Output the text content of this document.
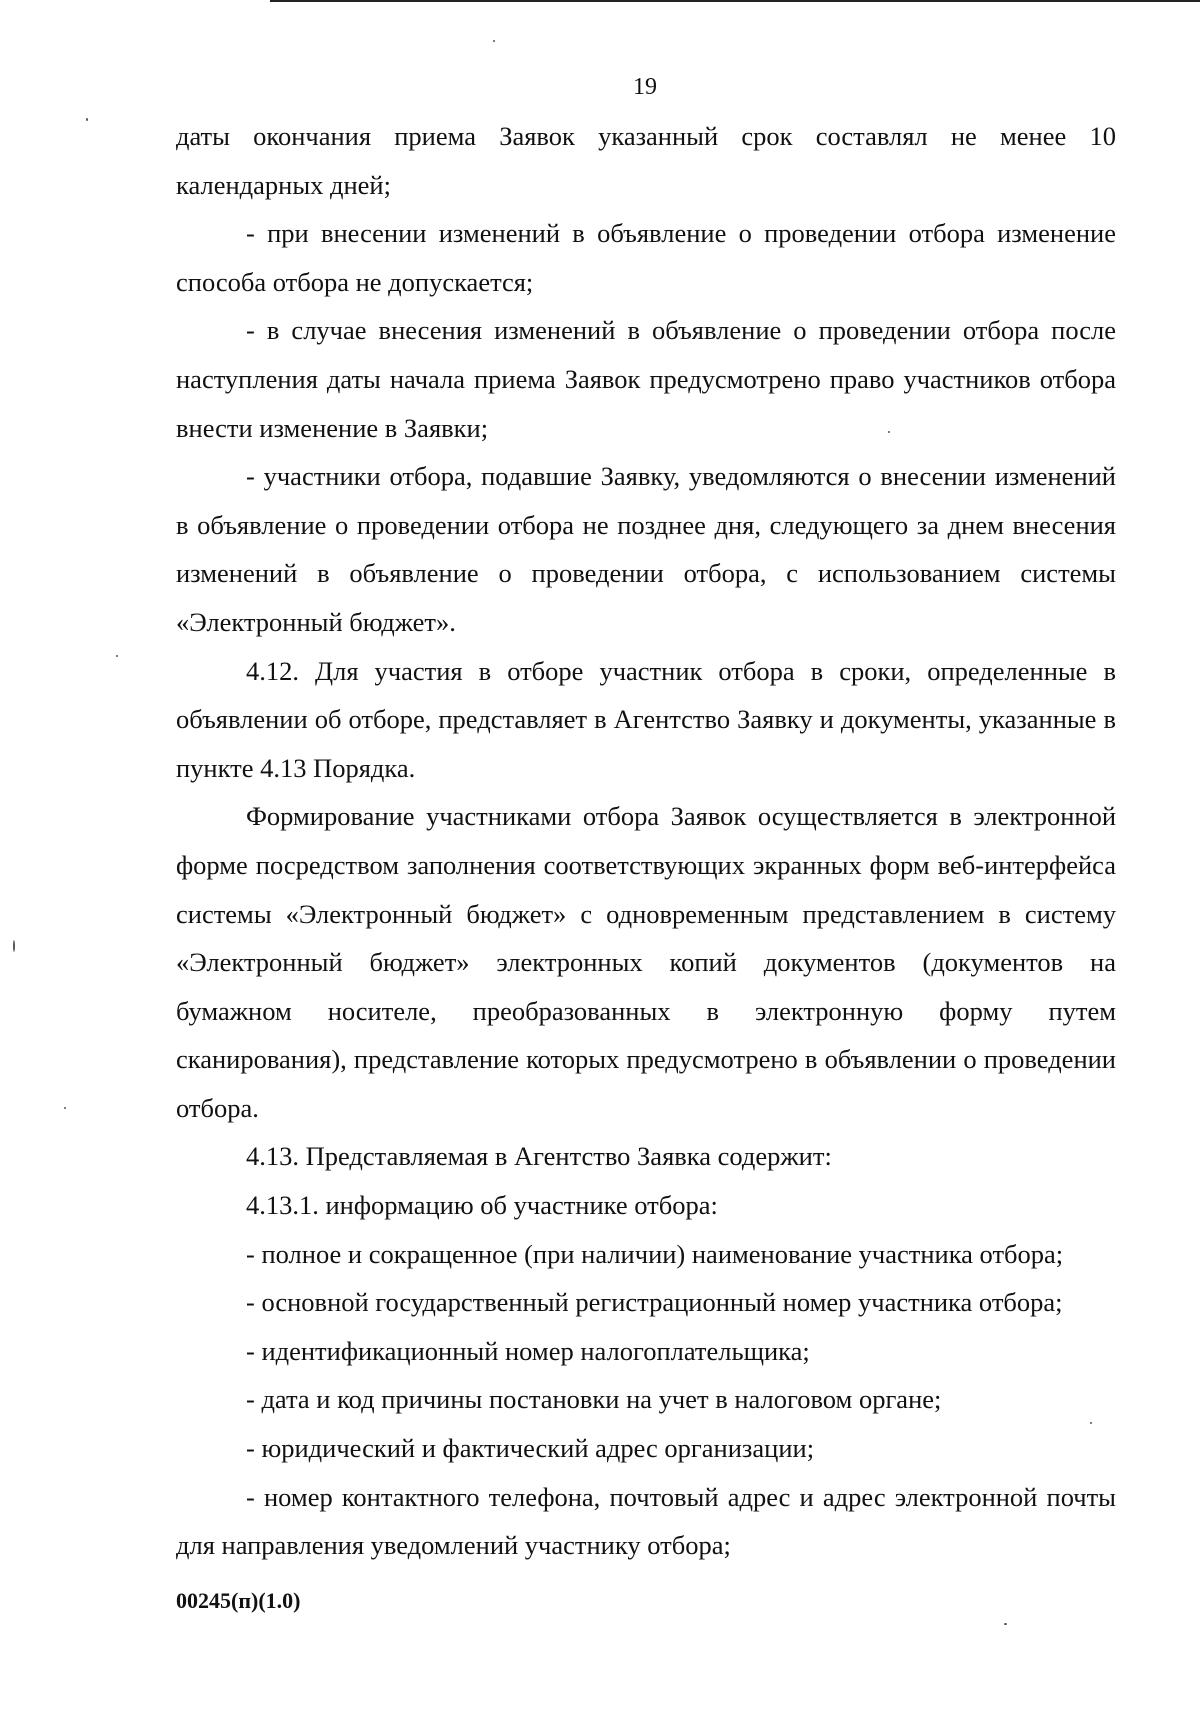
19

даты окончания приема Заявок указанный срок составлял не менее 10 календарных дней;

- при внесении изменений в объявление о проведении отбора изменение способа отбора не допускается;

- в случае внесения изменений в объявление о проведении отбора после наступления даты начала приема Заявок предусмотрено право участников отбора внести изменение в Заявки;

- участники отбора, подавшие Заявку, уведомляются о внесении изменений в объявление о проведении отбора не позднее дня, следующего за днем внесения изменений в объявление о проведении отбора, с использованием системы «Электронный бюджет».

4.12. Для участия в отборе участник отбора в сроки, определенные в объявлении об отборе, представляет в Агентство Заявку и документы, указанные в пункте 4.13 Порядка.

Формирование участниками отбора Заявок осуществляется в электронной форме посредством заполнения соответствующих экранных форм веб-интерфейса системы «Электронный бюджет» с одновременным представлением в систему «Электронный бюджет» электронных копий документов (документов на бумажном носителе, преобразованных в электронную форму путем сканирования), представление которых предусмотрено в объявлении о проведении отбора.

4.13. Представляемая в Агентство Заявка содержит:

4.13.1. информацию об участнике отбора:

- полное и сокращенное (при наличии) наименование участника отбора;

- основной государственный регистрационный номер участника отбора;

- идентификационный номер налогоплательщика;

- дата и код причины постановки на учет в налоговом органе;

- юридический и фактический адрес организации;

- номер контактного телефона, почтовый адрес и адрес электронной почты для направления уведомлений участнику отбора;

00245(п)(1.0)
